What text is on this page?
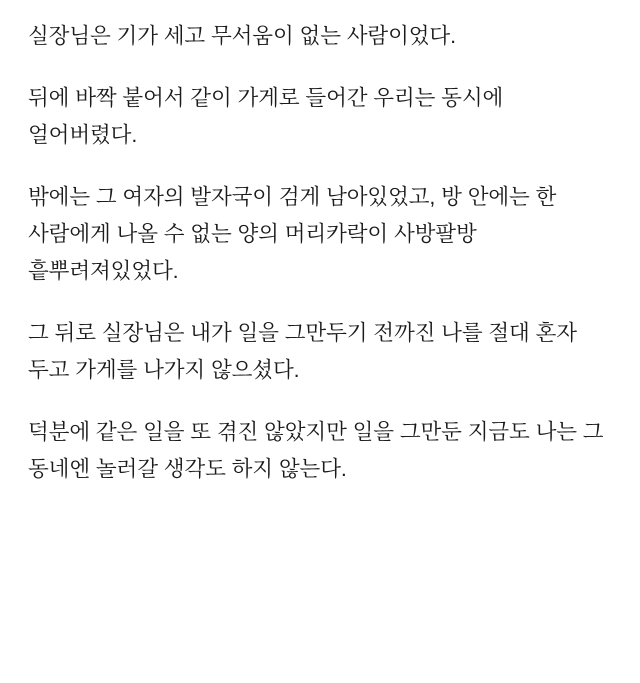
실장님은 기가 세고 무서움이 없는 사람이었다.

뒤에 바짝 붙어서 같이 가게로 들어간 우리는 동시에 얼어버렸다.

밖에는 그 여자의 발자국이 검게 남아있었고, 방 안에는 한 사람에게 나올 수 없는 양의 머리카락이 사방팔방 흩뿌려져있었다.

그 뒤로 실장님은 내가 일을 그만두기 전까진 나를 절대 혼자 두고 가게를 나가지 않으셨다.

덕분에 같은 일을 또 겪진 않았지만 일을 그만둔 지금도 나는 그 동네엔 놀러갈 생각도 하지 않는다.
